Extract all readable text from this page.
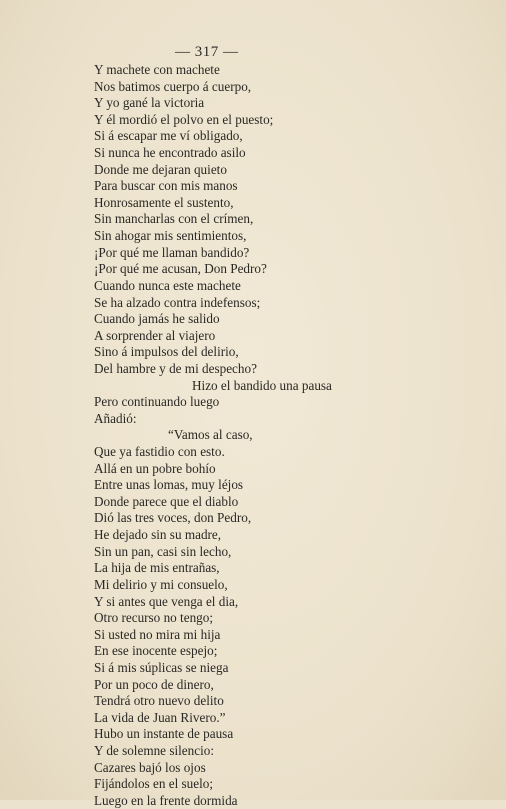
— 317 —
Y machete con machete
Nos batimos cuerpo á cuerpo,
Y yo gané la victoria
Y él mordió el polvo en el puesto;
Si á escapar me ví obligado,
Si nunca he encontrado asilo
Donde me dejaran quieto
Para buscar con mis manos
Honrosamente el sustento,
Sin mancharlas con el crímen,
Sin ahogar mis sentimientos,
¡Por qué me llaman bandido?
¡Por qué me acusan, Don Pedro?
Cuando nunca este machete
Se ha alzado contra indefensos;
Cuando jamás he salido
A sorprender al viajero
Sino á impulsos del delirio,
Del hambre y de mi despecho?
Hizo el bandido una pausa
Pero continuando luego
Añadió:
“Vamos al caso,
Que ya fastidio con esto.
Allá en un pobre bohío
Entre unas lomas, muy léjos
Donde parece que el diablo
Dió las tres voces, don Pedro,
He dejado sin su madre,
Sin un pan, casi sin lecho,
La hija de mis entrañas,
Mi delirio y mi consuelo,
Y si antes que venga el dia,
Otro recurso no tengo;
Si usted no mira mi hija
En ese inocente espejo;
Si á mis súplicas se niega
Por un poco de dinero,
Tendrá otro nuevo delito
La vida de Juan Rivero.”
Hubo un instante de pausa
Y de solemne silencio:
Cazares bajó los ojos
Fijándolos en el suelo;
Luego en la frente dormida
